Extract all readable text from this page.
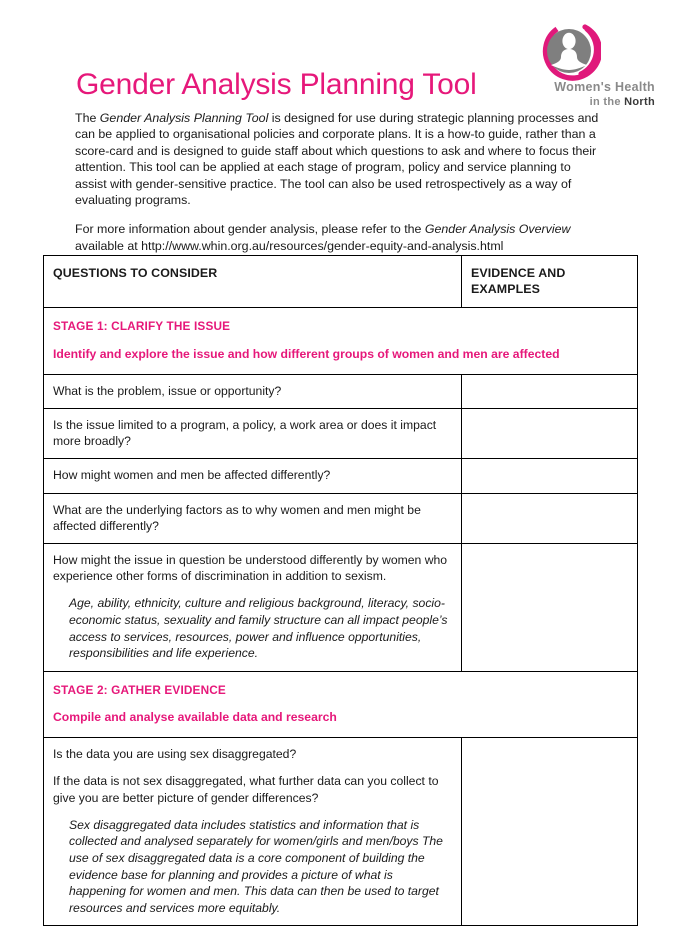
Gender Analysis Planning Tool	Women's Health
in the North

The Gender Analysis Planning Tool is designed for use during strategic planning processes and can be applied to organisational policies and corporate plans. It is a how-to guide, rather than a score-card and is designed to guide staff about which questions to ask and where to focus their attention. This tool can be applied at each stage of program, policy and service planning to assist with gender-sensitive practice. The tool can also be used retrospectively as a way of evaluating programs.

For more information about gender analysis, please refer to the Gender Analysis Overview available at http://www.whin.org.au/resources/gender-equity-and-analysis.html

QUESTIONS TO CONSIDER	EVIDENCE AND EXAMPLES

STAGE 1: CLARIFY THE ISSUE

Identify and explore the issue and how different groups of women and men are affected	

What is the problem, issue or opportunity?	

Is the issue limited to a program, a policy, a work area or does it impact more broadly?	

How might women and men be affected differently?	

What are the underlying factors as to why women and men might be affected differently?	

How might the issue in question be understood differently by women who experience other forms of discrimination in addition to sexism.

Age, ability, ethnicity, culture and religious background, literacy, socio-economic status, sexuality and family structure can all impact people’s access to services, resources, power and influence opportunities, responsibilities and life experience.	

STAGE 2: GATHER EVIDENCE

Compile and analyse available data and research	

Is the data you are using sex disaggregated?

If the data is not sex disaggregated, what further data can you collect to give you are better picture of gender differences?

Sex disaggregated data includes statistics and information that is collected and analysed separately for women/girls and men/boys The use of sex disaggregated data is a core component of building the evidence base for planning and provides a picture of what is happening for women and men. This data can then be used to target resources and services more equitably.	
